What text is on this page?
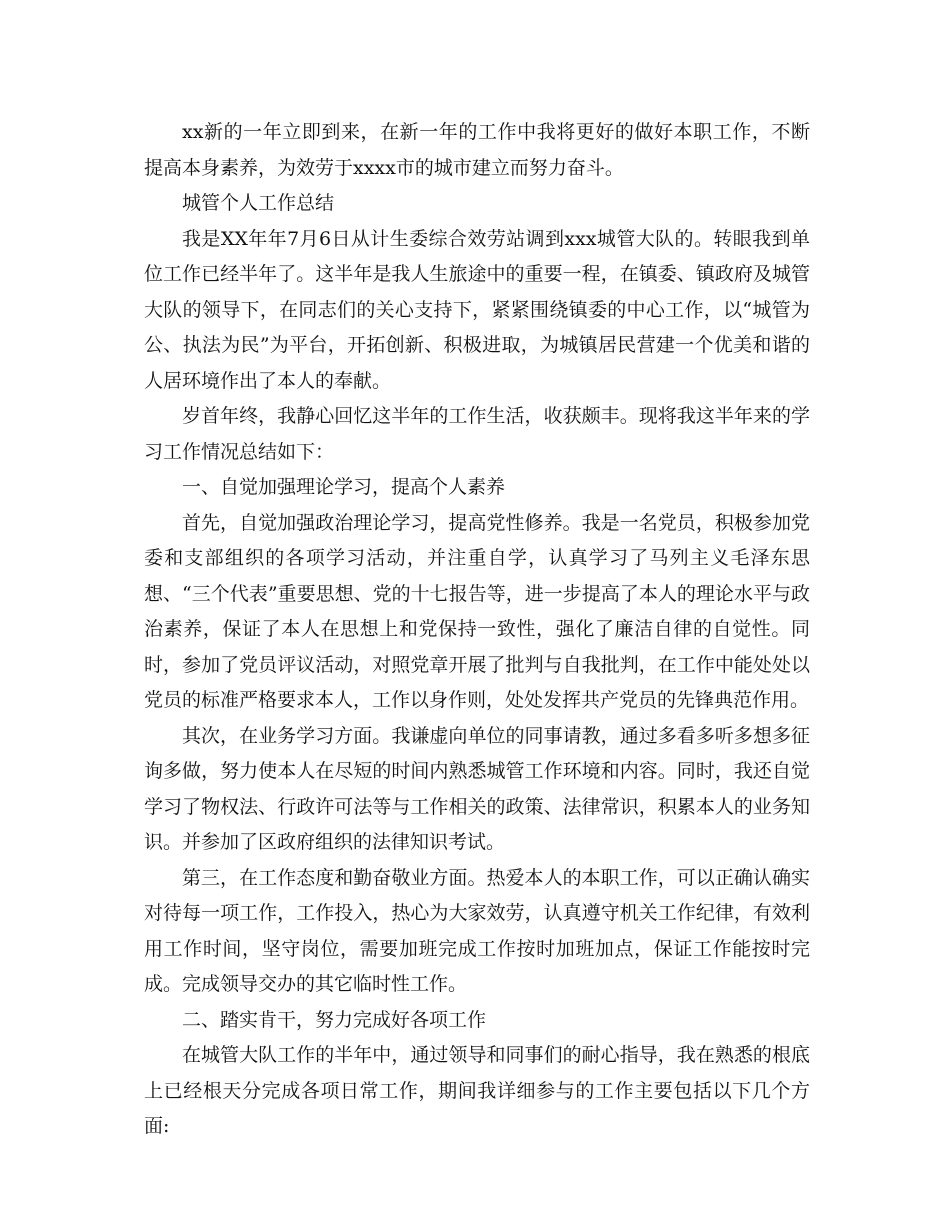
xx新的一年立即到来，在新一年的工作中我将更好的做好本职工作，不断提高本身素养，为效劳于xxxx市的城市建立而努力奋斗。

城管个人工作总结

我是XX年年7月6日从计生委综合效劳站调到xxx城管大队的。转眼我到单位工作已经半年了。这半年是我人生旅途中的重要一程，在镇委、镇政府及城管大队的领导下，在同志们的关心支持下，紧紧围绕镇委的中心工作，以“城管为公、执法为民”为平台，开拓创新、积极进取，为城镇居民营建一个优美和谐的人居环境作出了本人的奉献。

岁首年终，我静心回忆这半年的工作生活，收获颇丰。现将我这半年来的学习工作情况总结如下：

一、自觉加强理论学习，提高个人素养

首先，自觉加强政治理论学习，提高党性修养。我是一名党员，积极参加党委和支部组织的各项学习活动，并注重自学，认真学习了马列主义毛泽东思想、“三个代表”重要思想、党的十七报告等，进一步提高了本人的理论水平与政治素养，保证了本人在思想上和党保持一致性，强化了廉洁自律的自觉性。同时，参加了党员评议活动，对照党章开展了批判与自我批判，在工作中能处处以党员的标准严格要求本人，工作以身作则，处处发挥共产党员的先锋典范作用。

其次，在业务学习方面。我谦虚向单位的同事请教，通过多看多听多想多征询多做，努力使本人在尽短的时间内熟悉城管工作环境和内容。同时，我还自觉学习了物权法、行政许可法等与工作相关的政策、法律常识，积累本人的业务知识。并参加了区政府组织的法律知识考试。

第三，在工作态度和勤奋敬业方面。热爱本人的本职工作，可以正确认确实对待每一项工作，工作投入，热心为大家效劳，认真遵守机关工作纪律，有效利用工作时间，坚守岗位，需要加班完成工作按时加班加点，保证工作能按时完成。完成领导交办的其它临时性工作。

二、踏实肯干，努力完成好各项工作

在城管大队工作的半年中，通过领导和同事们的耐心指导，我在熟悉的根底上已经根天分完成各项日常工作，期间我详细参与的工作主要包括以下几个方面:
